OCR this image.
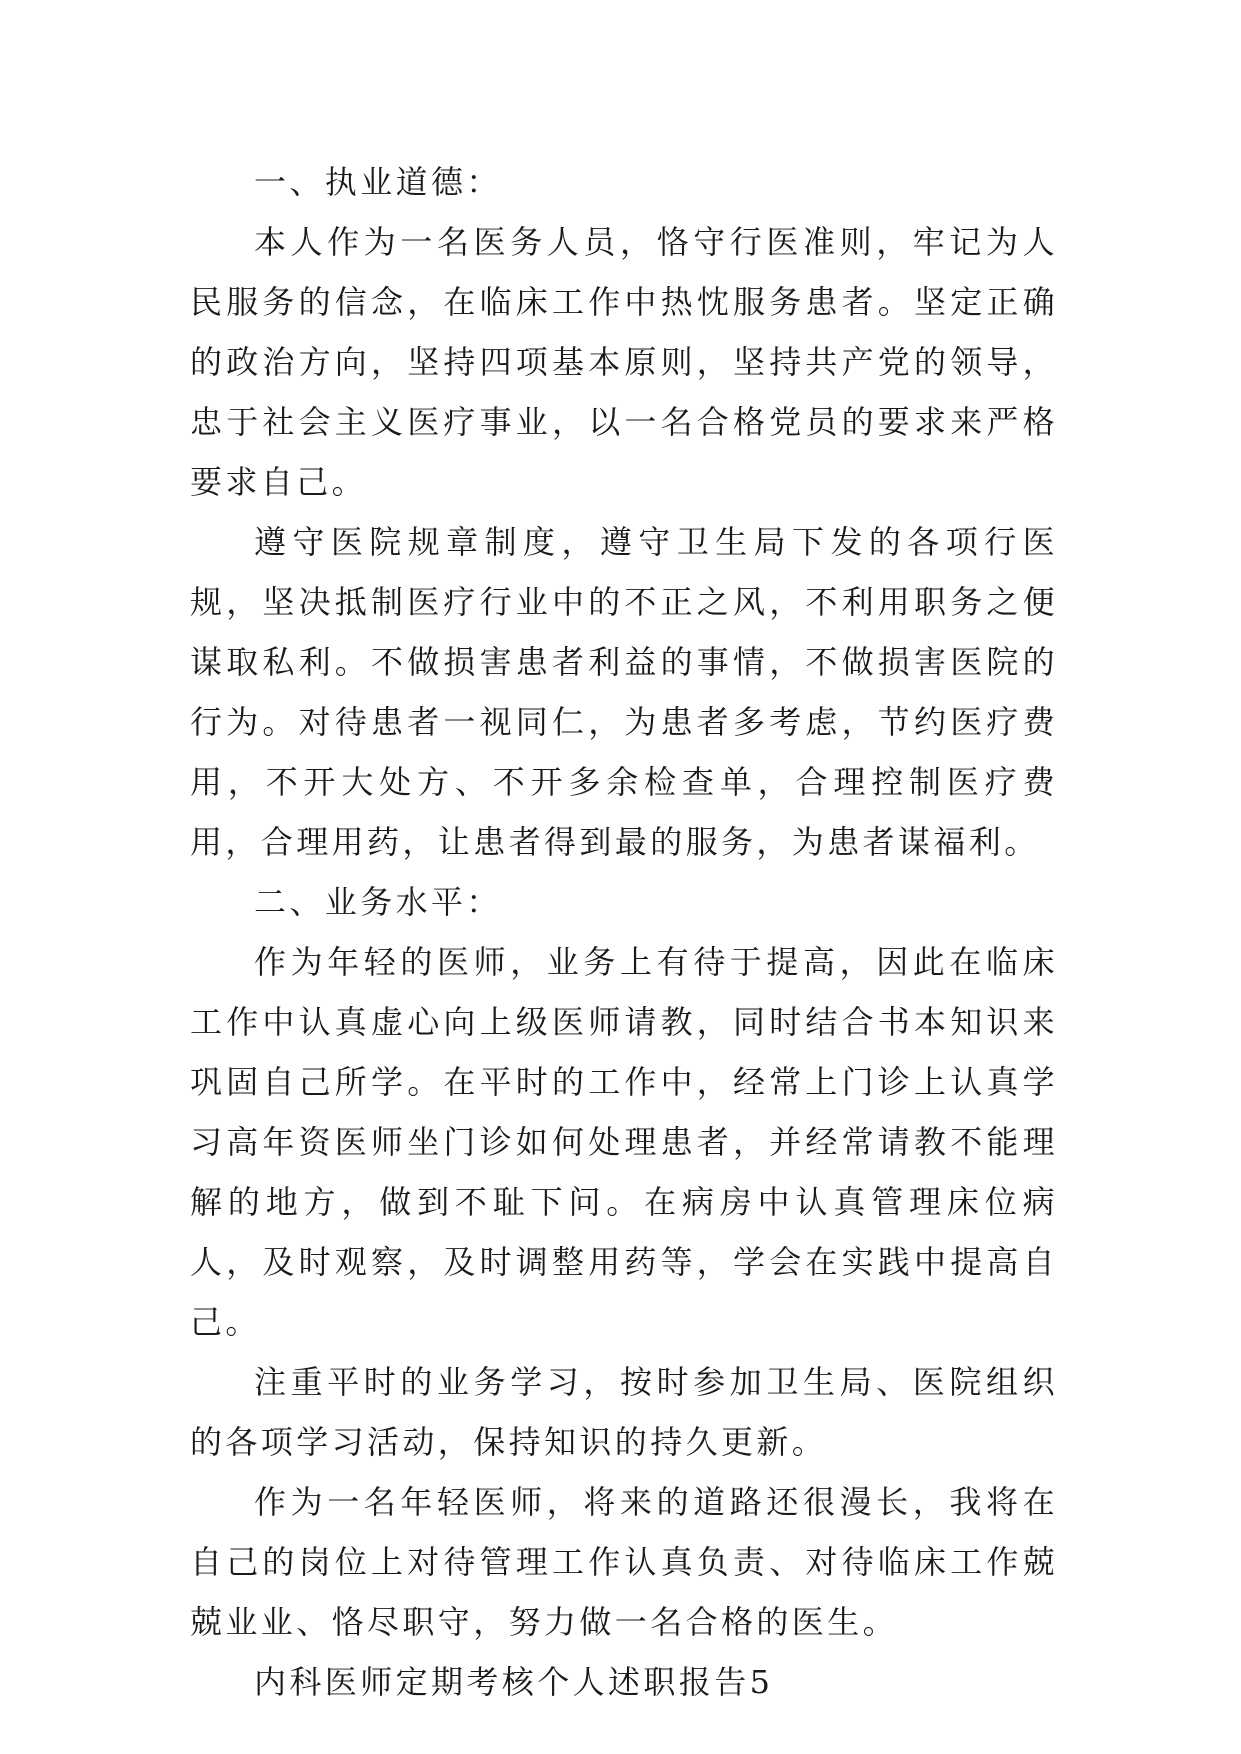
一、执业道德：

本人作为一名医务人员，恪守行医准则，牢记为人民服务的信念，在临床工作中热忱服务患者。坚定正确的政治方向，坚持四项基本原则，坚持共产党的领导，忠于社会主义医疗事业，以一名合格党员的要求来严格要求自己。

遵守医院规章制度，遵守卫生局下发的各项行医规，坚决抵制医疗行业中的不正之风，不利用职务之便谋取私利。不做损害患者利益的事情，不做损害医院的行为。对待患者一视同仁，为患者多考虑，节约医疗费用，不开大处方、不开多余检查单，合理控制医疗费用，合理用药，让患者得到最的服务，为患者谋福利。

二、业务水平：

作为年轻的医师，业务上有待于提高，因此在临床工作中认真虚心向上级医师请教，同时结合书本知识来巩固自己所学。在平时的工作中，经常上门诊上认真学习高年资医师坐门诊如何处理患者，并经常请教不能理解的地方，做到不耻下问。在病房中认真管理床位病人，及时观察，及时调整用药等，学会在实践中提高自己。

注重平时的业务学习，按时参加卫生局、医院组织的各项学习活动，保持知识的持久更新。

作为一名年轻医师，将来的道路还很漫长，我将在自己的岗位上对待管理工作认真负责、对待临床工作兢兢业业、恪尽职守，努力做一名合格的医生。

内科医师定期考核个人述职报告5
